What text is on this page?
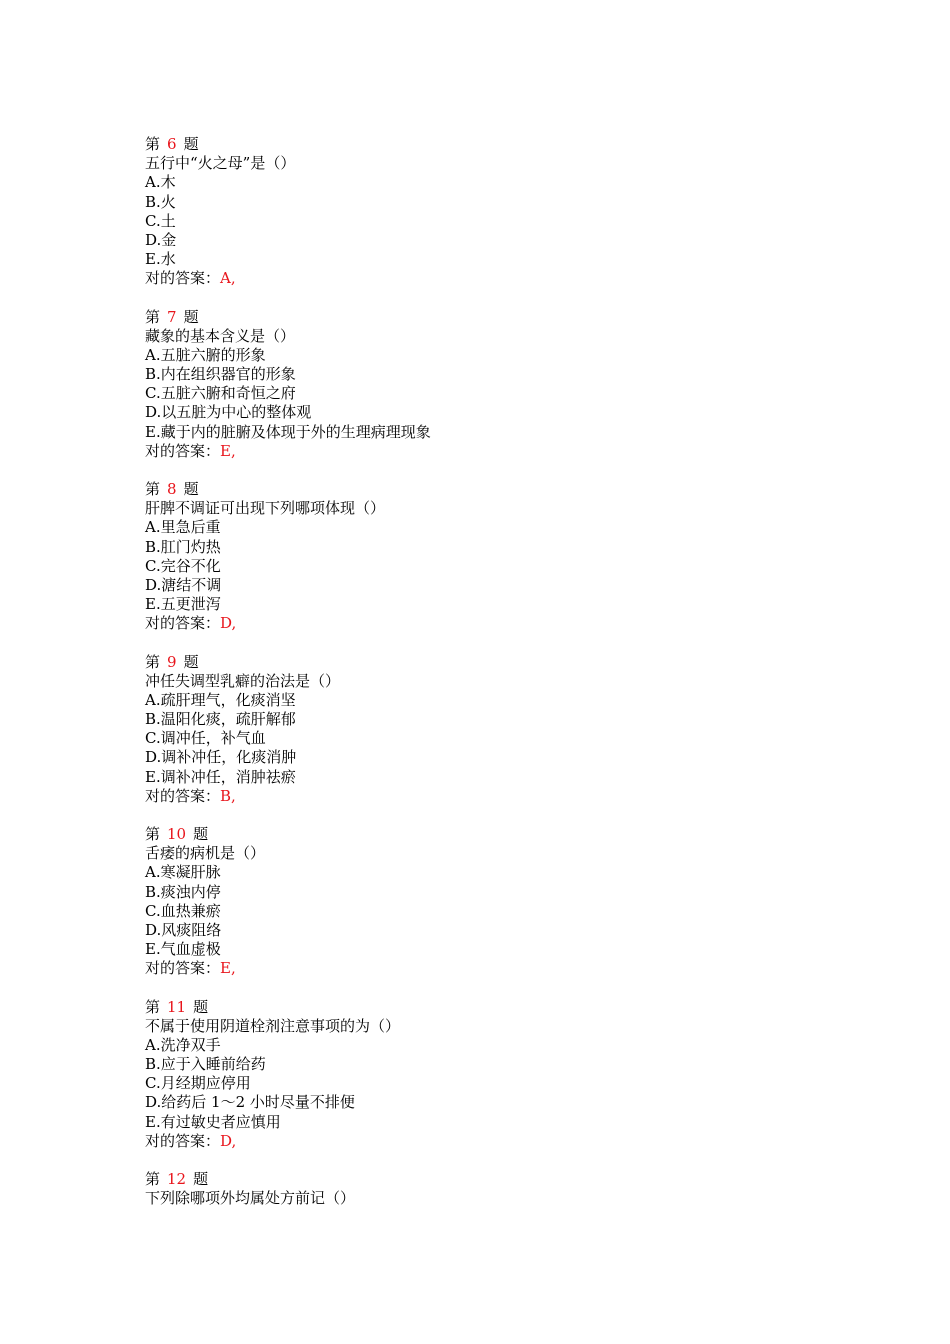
第 6 题
五行中“火之母”是（）
A.木
B.火
C.土
D.金
E.水
对的答案：A,
第 7 题
藏象的基本含义是（）
A.五脏六腑的形象
B.内在组织器官的形象
C.五脏六腑和奇恒之府
D.以五脏为中心的整体观
E.藏于内的脏腑及体现于外的生理病理现象
对的答案：E,
第 8 题
肝脾不调证可出现下列哪项体现（）
A.里急后重
B.肛门灼热
C.完谷不化
D.溏结不调
E.五更泄泻
对的答案：D,
第 9 题
冲任失调型乳癖的治法是（）
A.疏肝理气，化痰消坚
B.温阳化痰，疏肝解郁
C.调冲任，补气血
D.调补冲任，化痰消肿
E.调补冲任，消肿祛瘀
对的答案：B,
第 10 题
舌痿的病机是（）
A.寒凝肝脉
B.痰浊内停
C.血热兼瘀
D.风痰阻络
E.气血虚极
对的答案：E,
第 11 题
不属于使用阴道栓剂注意事项的为（）
A.洗净双手
B.应于入睡前给药
C.月经期应停用
D.给药后 1～2 小时尽量不排便
E.有过敏史者应慎用
对的答案：D,
第 12 题
下列除哪项外均属处方前记（）
